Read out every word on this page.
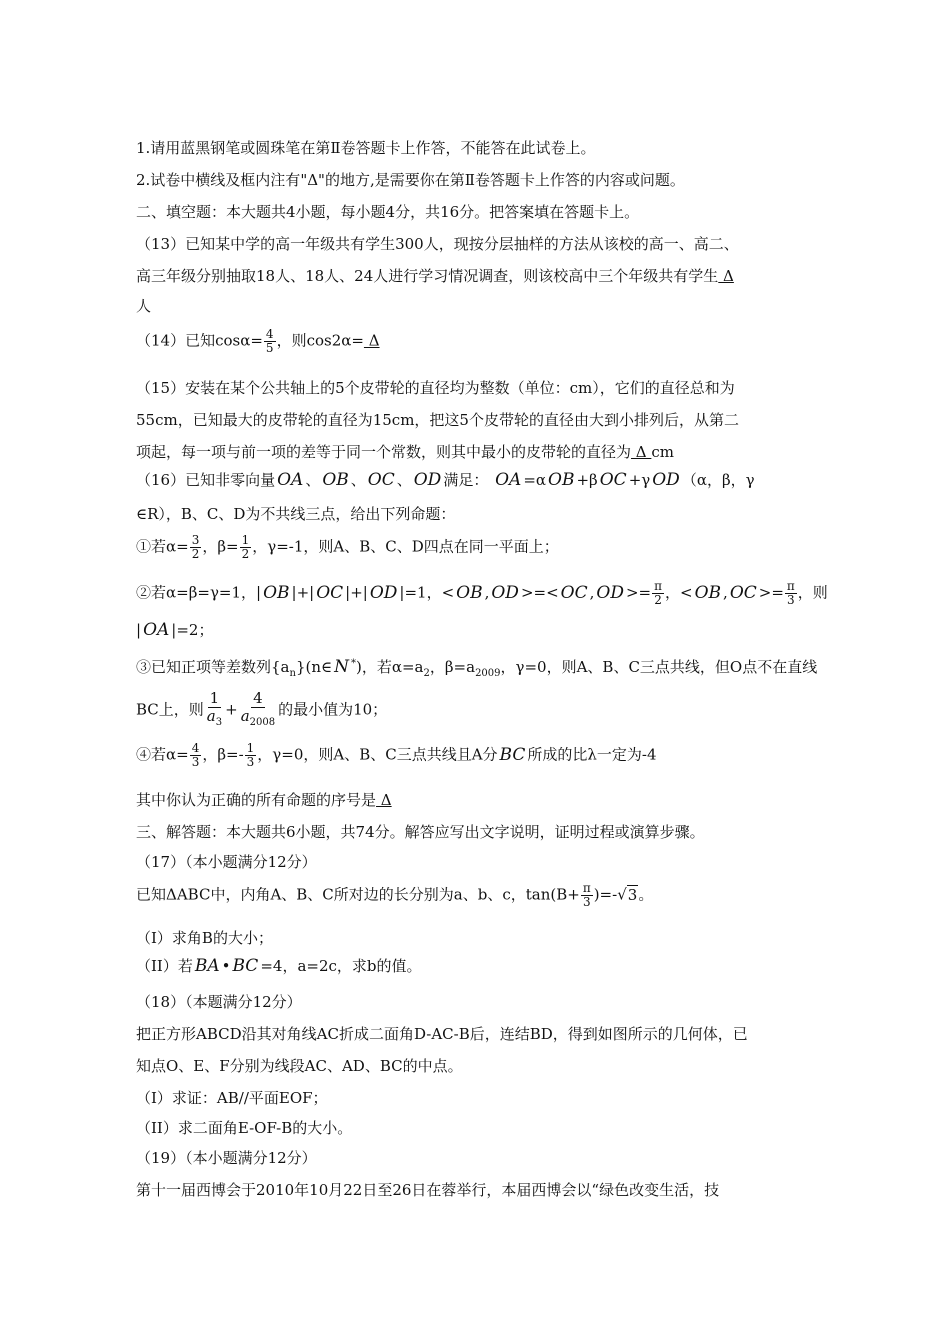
1.请用蓝黑钢笔或圆珠笔在第Ⅱ卷答题卡上作答，不能答在此试卷上。
2.试卷中横线及框内注有"Δ"的地方,是需要你在第Ⅱ卷答题卡上作答的内容或问题。
二、填空题：本大题共4小题，每小题4分，共16分。把答案填在答题卡上。
（13）已知某中学的高一年级共有学生300人，现按分层抽样的方法从该校的高一、高二、
高三年级分别抽取18人、18人、24人进行学习情况调查，则该校高中三个年级共有学生 Δ
人
（14）已知$\cos\alpha= \frac{4}{5}$ ，则cos2α= Δ
（15）安装在某个公共轴上的5个皮带轮的直径均为整数（单位：cm），它们的直径总和为
55cm，已知最大的皮带轮的直径为15cm，把这5个皮带轮的直径由大到小排列后，从第二
项起，每一项与前一项的差等于同一个常数，则其中最小的皮带轮的直径为 Δ cm
（16）已知非零向量 OA 、 OB 、 OC 、 OD 满足： OA =α OB +β OC +γ OD （α，β，γ
∈R），B、C、D为不共线三点，给出下列命题：
①若$\alpha= \frac{3}{2}$ ，$\beta= \frac{1}{2}$ ，γ=-1，则A、B、C、D四点在同一平面上；
②若α=β=γ=1，| OB |+| OC |+| OD |=1，< OB , OD >=< OC , OD >= $\frac{\pi}{2}$ ，< OB , OC >= $\frac{\pi}{3}$ ，则
| OA |=2；
③已知正项等差数列$\{a_n\}(n\in$ N *)，若$\alpha=a_2$，$\beta=a_{2009}$，γ=0，则A、B、C三点共线，但O点不在直线
BC上，则 $\frac{1}{a_3} + \frac{4}{a_{2008}}$ 的最小值为10；
④若$\alpha= \frac{4}{3}$ ，$\beta=- \frac{1}{3}$ ，γ=0，则A、B、C三点共线且A分 BC 所成的比λ一定为-4
其中你认为正确的所有命题的序号是 Δ
三、解答题：本大题共6小题，共74分。解答应写出文字说明，证明过程或演算步骤。
（17）（本小题满分12分）
已知ΔABC中，内角A、B、C所对边的长分别为a、b、c，$\tan(B+ \frac{\pi}{3} )=-√3$。
（I）求角B的大小；
（II）若 BA • BC =4，a=2c，求b的值。
（18）（本题满分12分）
把正方形ABCD沿其对角线AC折成二面角D-AC-B后，连结BD，得到如图所示的几何体，已
知点O、E、F分别为线段AC、AD、BC的中点。
（I）求证：AB//平面EOF；
（II）求二面角E-OF-B的大小。
（19）（本小题满分12分）
第十一届西博会于2010年10月22日至26日在蓉举行，本届西博会以“绿色改变生活，技
